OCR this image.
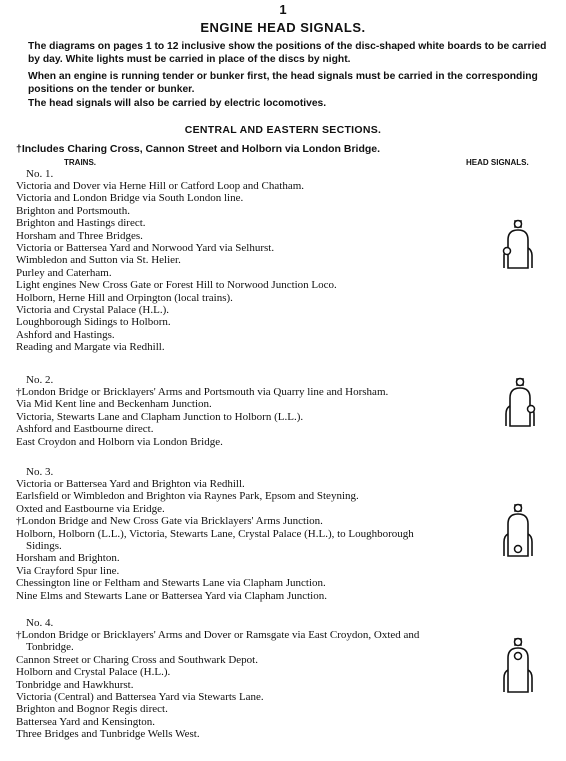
1
ENGINE HEAD SIGNALS.
The diagrams on pages 1 to 12 inclusive show the positions of the disc-shaped white boards to be carried by day. White lights must be carried in place of the discs by night.
When an engine is running tender or bunker first, the head signals must be carried in the corresponding positions on the tender or bunker.
The head signals will also be carried by electric locomotives.
CENTRAL AND EASTERN SECTIONS.
†Includes Charing Cross, Cannon Street and Holborn via London Bridge.
TRAINS.	HEAD SIGNALS.
No. 1.
Victoria and Dover via Herne Hill or Catford Loop and Chatham.
Victoria and London Bridge via South London line.
Brighton and Portsmouth.
Brighton and Hastings direct.
Horsham and Three Bridges.
Victoria or Battersea Yard and Norwood Yard via Selhurst.
Wimbledon and Sutton via St. Helier.
Purley and Caterham.
Light engines New Cross Gate or Forest Hill to Norwood Junction Loco.
Holborn, Herne Hill and Orpington (local trains).
Victoria and Crystal Palace (H.L.).
Loughborough Sidings to Holborn.
Ashford and Hastings.
Reading and Margate via Redhill.
No. 2.
†London Bridge or Bricklayers' Arms and Portsmouth via Quarry line and Horsham.
Via Mid Kent line and Beckenham Junction.
Victoria, Stewarts Lane and Clapham Junction to Holborn (L.L.).
Ashford and Eastbourne direct.
East Croydon and Holborn via London Bridge.
No. 3.
Victoria or Battersea Yard and Brighton via Redhill.
Earlsfield or Wimbledon and Brighton via Raynes Park, Epsom and Steyning.
Oxted and Eastbourne via Eridge.
†London Bridge and New Cross Gate via Bricklayers' Arms Junction.
Holborn, Holborn (L.L.), Victoria, Stewarts Lane, Crystal Palace (H.L.), to Loughborough
Sidings.
Horsham and Brighton.
Via Crayford Spur line.
Chessington line or Feltham and Stewarts Lane via Clapham Junction.
Nine Elms and Stewarts Lane or Battersea Yard via Clapham Junction.
No. 4.
†London Bridge or Bricklayers' Arms and Dover or Ramsgate via East Croydon, Oxted and
Tonbridge.
Cannon Street or Charing Cross and Southwark Depot.
Holborn and Crystal Palace (H.L.).
Tonbridge and Hawkhurst.
Victoria (Central) and Battersea Yard via Stewarts Lane.
Brighton and Bognor Regis direct.
Battersea Yard and Kensington.
Three Bridges and Tunbridge Wells West.
